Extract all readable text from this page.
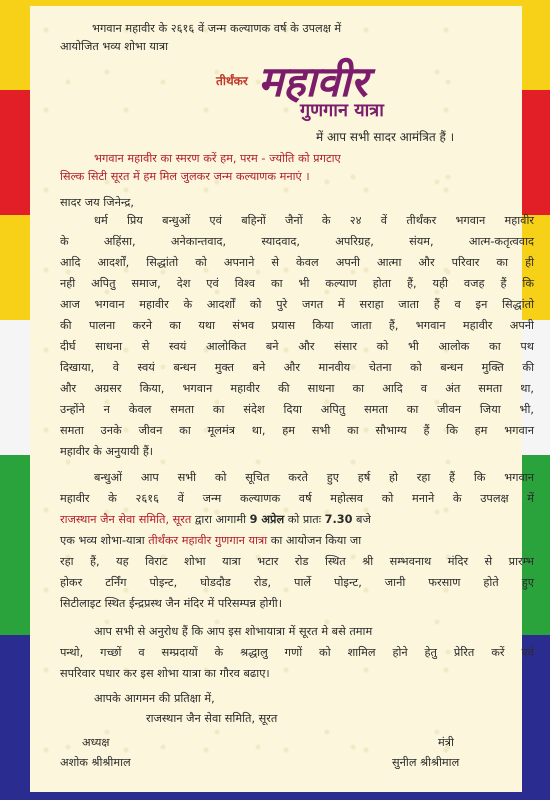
भगवान महावीर के २६१६ वें जन्म कल्याणक वर्ष के उपलक्ष में
आयोजित भव्य शोभा यात्रा
तीर्थंकर महावीर
गुणगान यात्रा
में आप सभी सादर आमंत्रित हैं ।
भगवान महावीर का स्मरण करें हम, परम - ज्योति को प्रगटाए
सिल्क सिटी सूरत में हम मिल जुलकर जन्म कल्याणक मनाएं ।
सादर जय जिनेन्द्र,
धर्म प्रिय बन्धुओं एवं बहिनों जैनों के २४ वें तीर्थंकर भगवान महावीर
के अहिंसा, अनेकान्तवाद, स्यादवाद, अपरिग्रह, संयम, आत्म-कतृत्ववाद
आदि आदर्शों, सिद्धांतो को अपनाने से केवल अपनी आत्मा और परिवार का ही
नही अपितु समाज, देश एवं विश्व का भी कल्याण होता हैं, यही वजह हैं कि
आज भगवान महावीर के आदर्शों को पुरे जगत में सराहा जाता हैं व इन सिद्धांतो
की पालना करने का यथा संभव प्रयास किया जाता हैं, भगवान महावीर अपनी
दीर्घ साधना से स्वयं आलोकित बने और संसार को भी आलोक का पथ
दिखाया, वे स्वयं बन्धन मुक्त बने और मानवीय चेतना को बन्धन मुक्ति की
और अग्रसर किया, भगवान महावीर की साधना का आदि व अंत समता था,
उन्होंने न केवल समता का संदेश दिया अपितु समता का जीवन जिया भी,
समता उनके जीवन का मूलमंत्र था, हम सभी का सौभाग्य हैं कि हम भगवान
महावीर के अनुयायी हैं।
बन्धुओं आप सभी को सूचित करते हुए हर्ष हो रहा हैं कि भगवान
महावीर के २६१६ वें जन्म कल्याणक वर्ष महोत्सव को मनाने के उपलक्ष में
राजस्थान जैन सेवा समिति, सूरत द्वारा आगामी 9 अप्रेल को प्रातः 7.30 बजे
एक भव्य शोभा-यात्रा तीर्थंकर महावीर गुणगान यात्रा का आयोजन किया जा
रहा हैं, यह विराट शोभा यात्रा भटार रोड स्थित श्री सम्भवनाथ मंदिर से प्रारम्भ
होकर टर्निंग पोइन्ट, घोडदौड रोड, पार्ले पोइन्ट, जानी फरसाण होते हुए
सिटीलाइट स्थित ईन्द्रप्रस्थ जैन मंदिर में परिसम्पन्न होगी।
आप सभी से अनुरोध हैं कि आप इस शोभायात्रा में सूरत मे बसे तमाम
पन्थो, गच्छों व सम्प्रदायों के श्रद्धालु गणों को शामिल होने हेतु प्रेरित करें एवं
सपरिवार पधार कर इस शोभा यात्रा का गौरव बढाए।
आपके आगमन की प्रतिक्षा में,
राजस्थान जैन सेवा समिति, सूरत
अध्यक्ष
अशोक श्रीश्रीमाल
मंत्री
सुनील श्रीश्रीमाल
